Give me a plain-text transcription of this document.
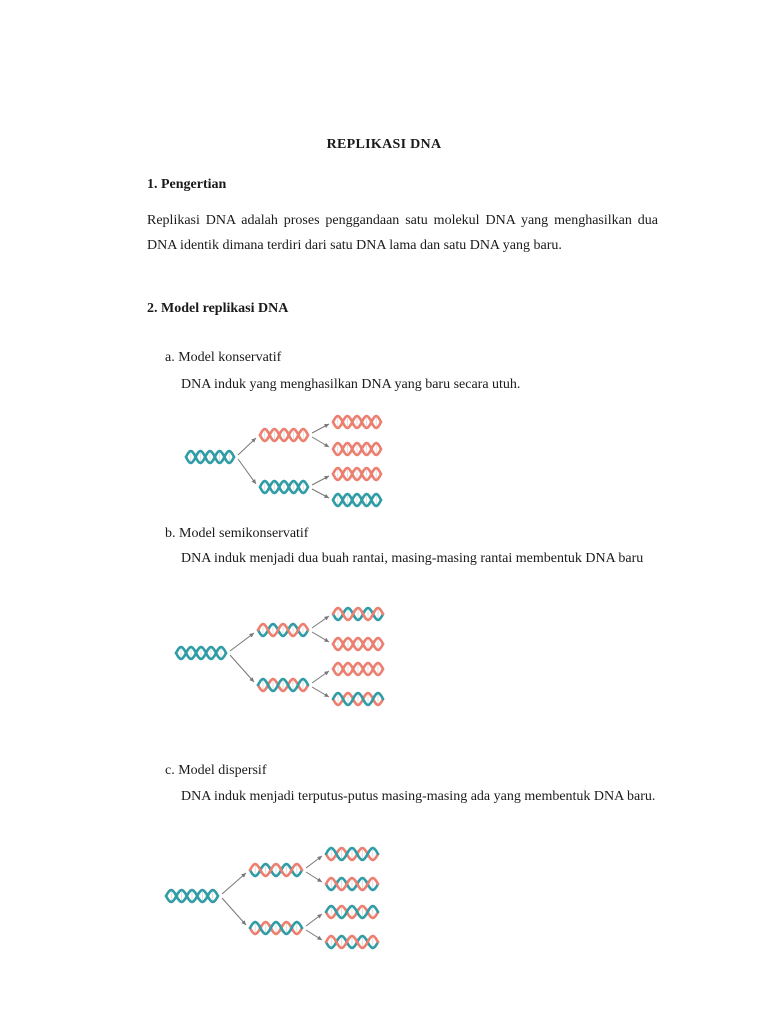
REPLIKASI DNA
1. Pengertian
Replikasi DNA adalah proses penggandaan satu molekul DNA yang menghasilkan dua DNA identik dimana terdiri dari satu DNA lama dan satu DNA yang baru.
2. Model replikasi DNA
a. Model konservatif
DNA induk yang menghasilkan DNA yang baru secara utuh.
b. Model semikonservatif
DNA induk menjadi dua buah rantai, masing-masing rantai membentuk DNA baru
c. Model dispersif
DNA induk menjadi terputus-putus masing-masing ada yang membentuk DNA baru.
